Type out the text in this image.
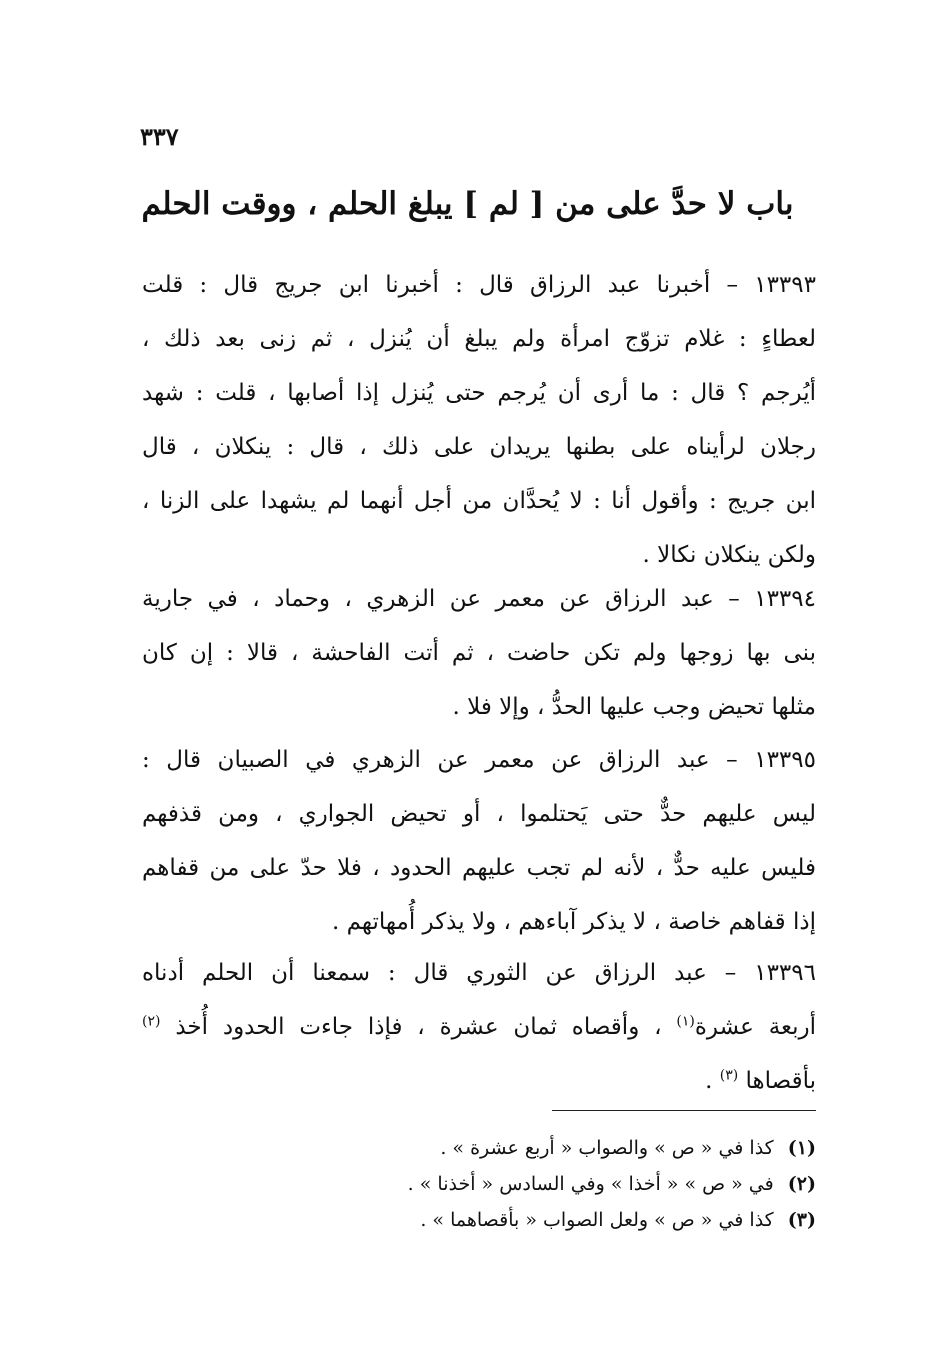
٣٣٧
باب لا حدَّ على من [ لم ] يبلغ الحلم ، ووقت الحلم

١٣٣٩٣ – أخبرنا عبد الرزاق قال : أخبرنا ابن جريج قال : قلت
لعطاءٍ : غلام تزوّج امرأة ولم يبلغ أن يُنزل ، ثم زنى بعد ذلك ،
أيُرجم ؟ قال : ما أرى أن يُرجم حتى يُنزل إذا أصابها ، قلت : شهد
رجلان لرأيناه على بطنها يريدان على ذلك ، قال : ينكلان ، قال
ابن جريج : وأقول أنا : لا يُحدَّان من أجل أنهما لم يشهدا على الزنا ،
ولكن ينكلان نكالا .

١٣٣٩٤ – عبد الرزاق عن معمر عن الزهري ، وحماد ، في جارية
بنى بها زوجها ولم تكن حاضت ، ثم أتت الفاحشة ، قالا : إن كان
مثلها تحيض وجب عليها الحدُّ ، وإلا فلا .

١٣٣٩٥ – عبد الرزاق عن معمر عن الزهري في الصبيان قال :
ليس عليهم حدٌّ حتى يَحتلموا ، أو تحيض الجواري ، ومن قذفهم
فليس عليه حدٌّ ، لأنه لم تجب عليهم الحدود ، فلا حدّ على من قفاهم
إذا قفاهم خاصة ، لا يذكر آباءهم ، ولا يذكر أُمهاتهم .

١٣٣٩٦ – عبد الرزاق عن الثوري قال : سمعنا أن الحلم أدناه
أربعة عشرة$^{(١)}$ ، وأقصاه ثمان عشرة ، فإذا جاءت الحدود أُخذ $^{(٢)}$
بأقصاها $^{(٣)}$ .

(١) كذا في « ص » والصواب « أربع عشرة » .
(٢) في « ص » « أخذا » وفي السادس « أخذنا » .
(٣) كذا في « ص » ولعل الصواب « بأقصاهما » .
